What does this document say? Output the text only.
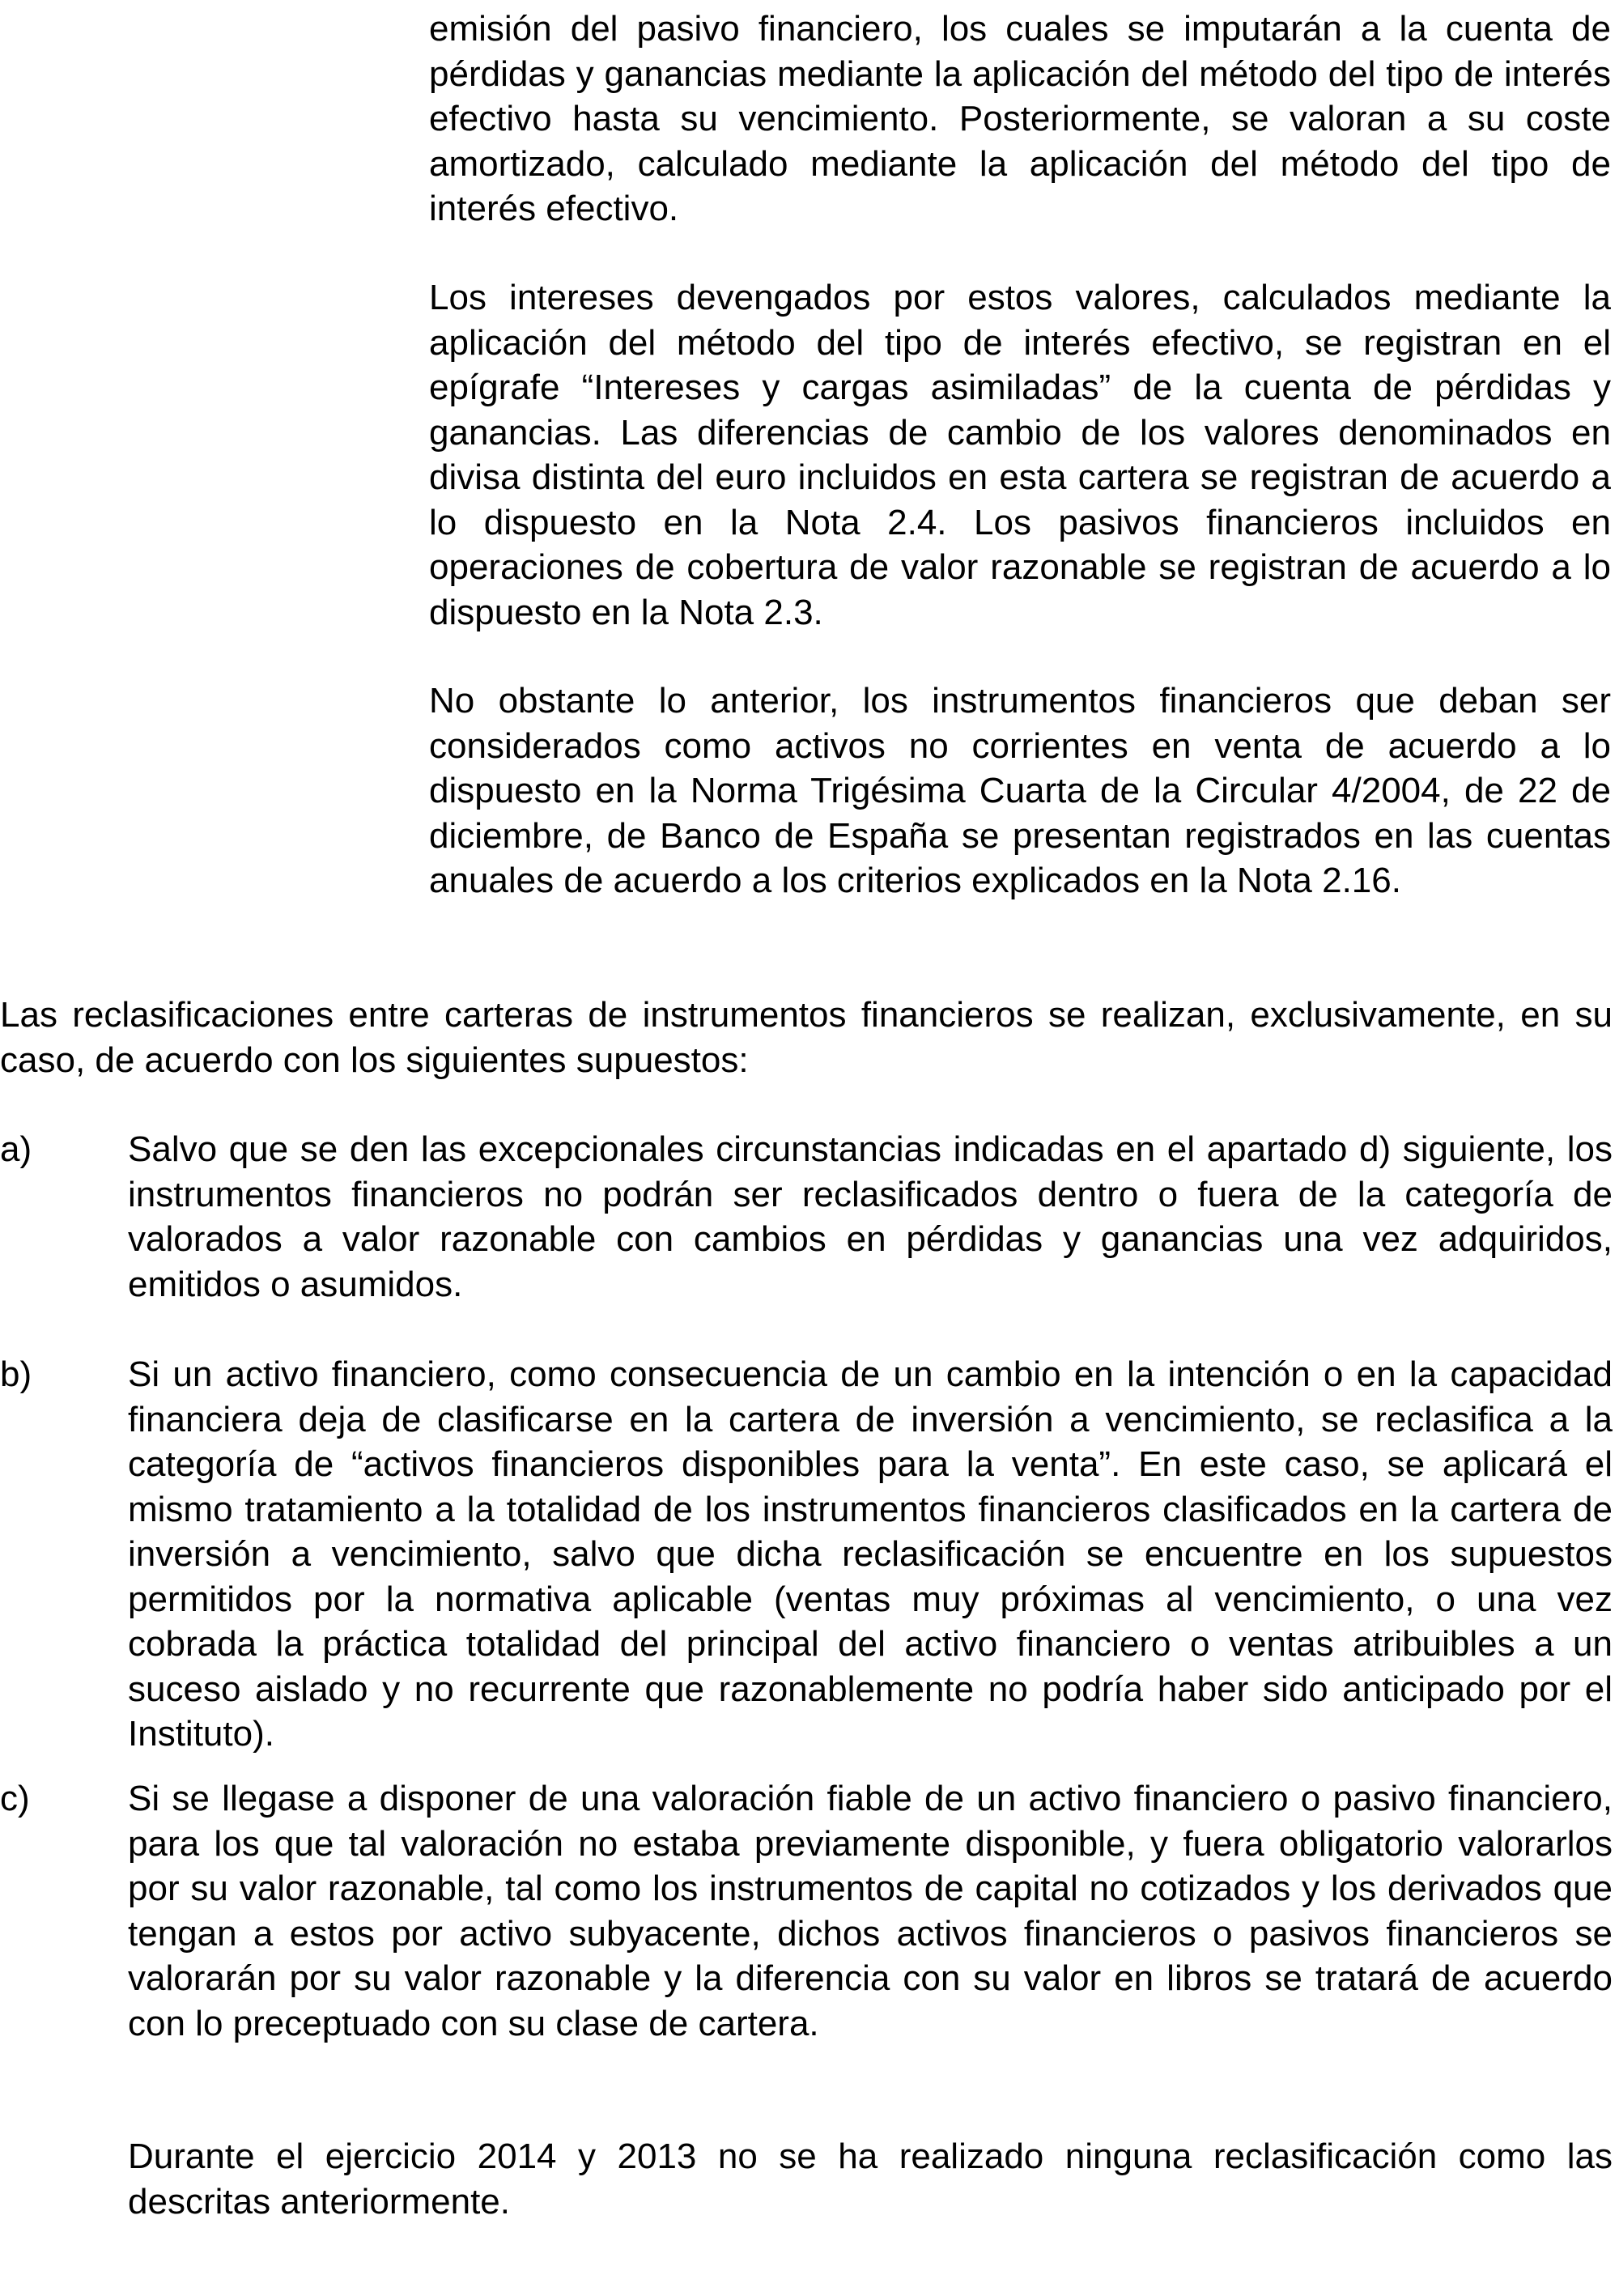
emisión del pasivo financiero, los cuales se imputarán a la cuenta de pérdidas y ganancias mediante la aplicación del método del tipo de interés efectivo hasta su vencimiento. Posteriormente, se valoran a su coste amortizado, calculado mediante la aplicación del método del tipo de interés efectivo.

Los intereses devengados por estos valores, calculados mediante la aplicación del método del tipo de interés efectivo, se registran en el epígrafe “Intereses y cargas asimiladas” de la cuenta de pérdidas y ganancias. Las diferencias de cambio de los valores denominados en divisa distinta del euro incluidos en esta cartera se registran de acuerdo a lo dispuesto en la Nota 2.4. Los pasivos financieros incluidos en operaciones de cobertura de valor razonable se registran de acuerdo a lo dispuesto en la Nota 2.3.

No obstante lo anterior, los instrumentos financieros que deban ser considerados como activos no corrientes en venta de acuerdo a lo dispuesto en la Norma Trigésima Cuarta de la Circular 4/2004, de 22 de diciembre, de Banco de España se presentan registrados en las cuentas anuales de acuerdo a los criterios explicados en la Nota 2.16.

Las reclasificaciones entre carteras de instrumentos financieros se realizan, exclusivamente, en su caso, de acuerdo con los siguientes supuestos:

a)	Salvo que se den las excepcionales circunstancias indicadas en el apartado d) siguiente, los instrumentos financieros no podrán ser reclasificados dentro o fuera de la categoría de valorados a valor razonable con cambios en pérdidas y ganancias una vez adquiridos, emitidos o asumidos.

b)	Si un activo financiero, como consecuencia de un cambio en la intención o en la capacidad financiera deja de clasificarse en la cartera de inversión a vencimiento, se reclasifica a la categoría de “activos financieros disponibles para la venta”. En este caso, se aplicará el mismo tratamiento a la totalidad de los instrumentos financieros clasificados en la cartera de inversión a vencimiento, salvo que dicha reclasificación se encuentre en los supuestos permitidos por la normativa aplicable (ventas muy próximas al vencimiento, o una vez cobrada la práctica totalidad del principal del activo financiero o ventas atribuibles a un suceso aislado y no recurrente que razonablemente no podría haber sido anticipado por el Instituto).

c)	Si se llegase a disponer de una valoración fiable de un activo financiero o pasivo financiero, para los que tal valoración no estaba previamente disponible, y fuera obligatorio valorarlos por su valor razonable, tal como los instrumentos de capital no cotizados y los derivados que tengan a estos por activo subyacente, dichos activos financieros o pasivos financieros se valorarán por su valor razonable y la diferencia con su valor en libros se tratará de acuerdo con lo preceptuado con su clase de cartera.

Durante el ejercicio 2014 y 2013 no se ha realizado ninguna reclasificación como las descritas anteriormente.
